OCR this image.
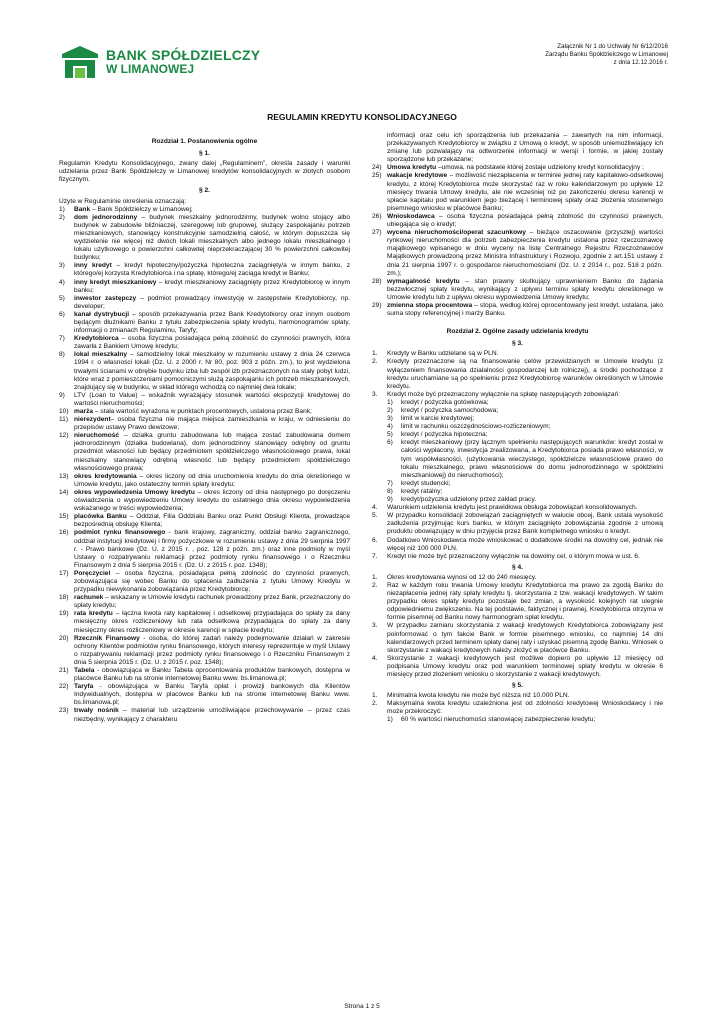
BANK SPÓŁDZIELCZY
W LIMANOWEJ
Załącznik Nr 1 do Uchwały Nr 6/12/2016
Zarządu Banku Spółdzielczego w Limanowej
z dnia 12.12.2016 r.
REGULAMIN KREDYTU KONSOLIDACYJNEGO
Rozdział 1. Postanowienia ogólne
§ 1.

Regulamin Kredytu Konsolidacyjnego, zwany dalej „Regulaminem”, określa zasady i warunki udzielania przez Bank Spółdzielczy w Limanowej kredytów konsolidacyjnych w złotych osobom fizycznym.

§ 2.

Użyte w Regulaminie określenia oznaczają:

1)	Bank – Bank Spółdzielczy w Limanowej;
2)	dom jednorodzinny – budynek mieszkalny jednorodzinny, budynek wolno stojący albo budynek w zabudowie bliźniaczej, szeregowej lub grupowej, służący zaspokajaniu potrzeb mieszkaniowych, stanowiący konstrukcyjnie samodzielną całość, w którym dopuszcza się wydzielenie nie więcej niż dwóch lokali mieszkalnych albo jednego lokalu mieszkalnego i lokalu użytkowego o powierzchni całkowitej nieprzekraczającej 30 % powierzchni całkowitej budynku;
3)	inny kredyt – kredyt hipoteczny/pożyczka hipoteczna zaciągnięty/a w innym banku, z którego/ej korzysta Kredytobiorca i na spłatę, którego/ej zaciąga kredyt w Banku;
4)	inny kredyt mieszkaniowy – kredyt mieszkaniowy zaciągnięty przez Kredytobiorcę w innym banku;
5)	inwestor zastępczy – podmiot prowadzący inwestycję w zastępstwie Kredytobiorcy, np. developer;
6)	kanał dystrybucji – sposób przekazywania przez Bank Kredytobiorcy oraz innym osobom będącym dłużnikami Banku z tytułu zabezpieczenia spłaty kredytu, harmonogramów spłaty, informacji o zmianach Regulaminu, Taryfy;
7)	Kredytobiorca – osoba fizyczna posiadająca pełną zdolność do czynności prawnych, która zawarła z Bankiem Umowę kredytu;
8)	lokal mieszkalny – samodzielny lokal mieszkalny w rozumieniu ustawy z dnia 24 czerwca 1994 r. o własności lokali (Dz. U. z 2000 r. Nr 80, poz. 903 z późn. zm.), to jest wydzielona trwałymi ścianami w obrębie budynku izba lub zespół izb przeznaczonych na stały pobyt ludzi, które wraz z pomieszczeniami pomocniczymi służą zaspokajaniu ich potrzeb mieszkaniowych, znajdujący się w budynku, w skład którego wchodzą co najmniej dwa lokale;
9)	LTV (Loan to Value) – wskaźnik wyrażający stosunek wartości ekspozycji kredytowej do wartości nieruchomości;
10) marża – stała wartość wyrażona w punktach procentowych, ustalona przez Bank;
11) nierezydent– osoba fizyczna nie mająca miejsca zamieszkania w kraju, w odniesieniu do przepisów ustawy Prawo dewizowe;
12) nieruchomość – działka gruntu zabudowana lub mająca zostać zabudowana domem jednorodzinnym (działka budowlana), dom jednorodzinny stanowiący odrębny od gruntu przedmiot własności lub będący przedmiotem spółdzielczego własnościowego prawa, lokal mieszkalny stanowiący odrębną własność lub będący przedmiotem spółdzielczego własnościowego prawa;
13) okres kredytowania – okres liczony od dnia uruchomienia kredytu do dnia określonego w Umowie kredytu, jako ostateczny termin spłaty kredytu;
14) okres wypowiedzenia Umowy kredytu – okres liczony od dnia następnego po doręczeniu oświadczenia o wypowiedzeniu Umowy kredytu do ostatniego dnia okresu wypowiedzenia wskazanego w treści wypowiedzenia;
15) placówka Banku – Oddział, Filia Oddziału Banku oraz Punkt Obsługi Klienta, prowadzące bezpośrednią obsługę Klienta;
16) podmiot rynku finansowego - bank krajowy, zagraniczny, oddział banku zagranicznego, oddział instytucji kredytowej i firmy pożyczkowe w rozumieniu ustawy z dnia 29 sierpnia 1997 r. - Prawo bankowe (Dz. U. z 2015 r. , poz. 128 z późn. zm.) oraz inne podmioty w myśl Ustawy o rozpatrywaniu reklamacji przez podmioty rynku finansowego i o Rzeczniku Finansowym z dnia 5 sierpnia 2015 r. (Dz. U. z 2015 r. poz. 1348);
17) Poręczyciel – osoba fizyczna, posiadająca pełną zdolność do czynności prawnych, zobowiązująca się wobec Banku do spłacenia zadłużenia z tytułu Umowy Kredytu w przypadku niewykonania zobowiązania przez Kredytobiorcę;
18) rachunek – wskazany w Umowie kredytu rachunek prowadzony przez Bank, przeznaczony do spłaty kredytu;
19) rata kredytu – łączna kwota raty kapitałowej i odsetkowej przypadająca do spłaty za dany miesięczny okres rozliczeniowy lub rata odsetkowa przypadająca do spłaty za dany miesięczny okres rozliczeniowy w okresie karencji w spłacie kredytu;
20) Rzecznik Finansowy - osoba, do której zadań należy podejmowanie działań w zakresie ochrony Klientów podmiotów rynku finansowego, których interesy reprezentuje w myśl Ustawy o rozpatrywaniu reklamacji przez podmioty rynku finansowego i o Rzeczniku Finansowym z dnia 5 sierpnia 2015 r. (Dz. U. z 2015 r. poz. 1348);
21) Tabela - obowiązująca w Banku Tabela oprocentowania produktów bankowych, dostępna w placówce Banku lub na stronie internetowej Banku www. bs.limanowa.pl;
22) Taryfa - obowiązująca w Banku Taryfa opłat i prowizji bankowych dla Klientów Indywidualnych, dostępna w placówce Banku lub na stronie internetowej Banku www. bs.limanowa.pl;
23) trwały nośnik – materiał lub urządzenie umożliwiające przechowywanie – przez czas niezbędny, wynikający z charakteru
informacji oraz celu ich sporządzenia lub przekazania – zawartych na nim informacji, przekazywanych Kredytobiorcy w związku z Umową o kredyt, w sposób uniemożliwiający ich zmianę lub pozwalający na odtworzenie informacji w wersji i formie, w jakiej zostały sporządzone lub przekazane;
24) Umowa kredytu –umowa, na podstawie której zostaje udzielony kredyt konsolidacyjny ;
25) wakacje kredytowe – możliwość niezapłacenia w terminie jednej raty kapitałowo-odsetkowej kredytu, z której Kredytobiorca może skorzystać raz w roku kalendarzowym po upływie 12 miesięcy trwania Umowy kredytu, ale nie wcześniej niż po zakończeniu okresu karencji w spłacie kapitału pod warunkiem jego bieżącej i terminowej spłaty oraz złożenia stosownego pisemnego wniosku w placówce Banku;
26) Wnioskodawca – osoba fizyczna posiadająca pełną zdolność do czynności prawnych, ubiegająca się o kredyt;
27) wycena nieruchomości/operat szacunkowy – bieżące oszacowanie (przyszłej) wartości rynkowej nieruchomości dla potrzeb zabezpieczenia kredytu ustalona przez rzeczoznawcę majątkowego wpisanego w dniu wyceny na listę Centralnego Rejestru Rzeczoznawców Majątkowych prowadzoną przez Ministra Infrastruktury i Rozwoju, zgodnie z art.151 ustawy z dnia 21 sierpnia 1997 r. o gospodarce nieruchomościami (Dz. U. z 2014 r., poz. 518 z późn. zm.);
28) wymagalność kredytu – stan prawny skutkujący uprawnieniem Banku do żądania bezzwłocznej spłaty kredytu, wynikający z upływu terminu spłaty kredytu określonego w Umowie kredytu lub z upływu okresu wypowiedzenia Umowy kredytu;
29) zmienna stopa procentowa – stopa, według której oprocentowany jest kredyt, ustalana, jako suma stopy referencyjnej i marży Banku.
Rozdział 2. Ogólne zasady udzielania kredytu
§ 3.
1.	Kredyty w Banku udzielane są w PLN.
2.	Kredyty przeznaczone są na finansowanie celów przewidzianych w Umowie kredytu (z wyłączeniem finansowania działalności gospodarczej lub rolniczej), a środki pochodzące z kredytu uruchamiane są po spełnieniu przez Kredytobiorcę warunków określonych w Umowie kredytu.
3.	Kredyt może być przeznaczony wyłącznie na spłatę następujących zobowiązań:
1)	kredyt / pożyczka gotówkowa;
2)	kredyt / pożyczka samochodowa;
3)	limit w karcie kredytowej;
4)	limit w rachunku oszczędnościowo-rozliczeniowym;
5)	kredyt / pożyczka hipoteczna;
6)	kredyt mieszkaniowy (przy łącznym spełnieniu następujących warunków: kredyt został w całości wypłacony, inwestycja zrealizowana, a Kredytobiorca posiada prawo własności, w tym współwłasności, (użytkowania wieczystego, spółdzielcze własnościowe prawo do lokalu mieszkalnego, prawo własnościowe do domu jednorodzinnego w spółdzielni mieszkaniowej) do nieruchomości);
7)	kredyt studencki;
8)	kredyt ratalny;
9)	kredyt/pożyczka udzielony przez zakład pracy.
4.	Warunkiem udzielenia kredytu jest prawidłowa obsługa zobowiązań konsolidowanych.
5.	W przypadku konsolidacji zobowiązań zaciągniętych w walucie obcej, Bank ustala wysokość zadłużenia przyjmując kurs banku, w którym zaciągnięto zobowiązania zgodnie z umową produktu obowiązujący w dniu przyjęcia przez Bank kompletnego wniosku o kredyt.
6.	Dodatkowo Wnioskodawca może wnioskować o dodatkowe środki na dowolny cel, jednak nie więcej niż 100 000 PLN.
7.	Kredyt nie może być przeznaczony wyłącznie na dowolny cel, o którym mowa w ust. 6.
§ 4.
1.	Okres kredytowania wynosi od 12 do 240 miesięcy.
2.	Raz w każdym roku trwania Umowy kredytu Kredytobiorca ma prawo za zgodą Banku do niezapłacenia jednej raty spłaty kredytu tj. skorzystania z tzw. wakacji kredytowych. W takim przypadku okres spłaty kredytu pozostaje bez zmian, a wysokość kolejnych rat ulegnie odpowiedniemu zwiększeniu. Na tej podstawie, faktycznej i prawnej, Kredytobiorca otrzyma w formie pisemnej od Banku nowy harmonogram spłat kredytu.
3.	W przypadku zamiaru skorzystania z wakacji kredytowych Kredytobiorca zobowiązany jest poinformować o tym fakcie Bank w formie pisemnego wniosku, co najmniej 14 dni kalendarzowych przed terminem spłaty danej raty i uzyskać pisemną zgodę Banku. Wniosek o skorzystanie z wakacji kredytowych należy złożyć w placówce Banku.
4.	Skorzystanie z wakacji kredytowych jest możliwe dopiero po upływie 12 miesięcy od podpisania Umowy kredytu oraz pod warunkiem terminowej spłaty kredytu w okresie 6 miesięcy przed złożeniem wniosku o skorzystanie z wakacji kredytowych.
§ 5.
1.	Minimalna kwota kredytu nie może być niższa niż 10.000 PLN.
2.	Maksymalna kwota kredytu uzależniona jest od zdolności kredytowej Wnioskodawcy i nie może przekroczyć:
1)	60 % wartości nieruchomości stanowiącej zabezpieczenie kredytu;
Strona 1 z 5
